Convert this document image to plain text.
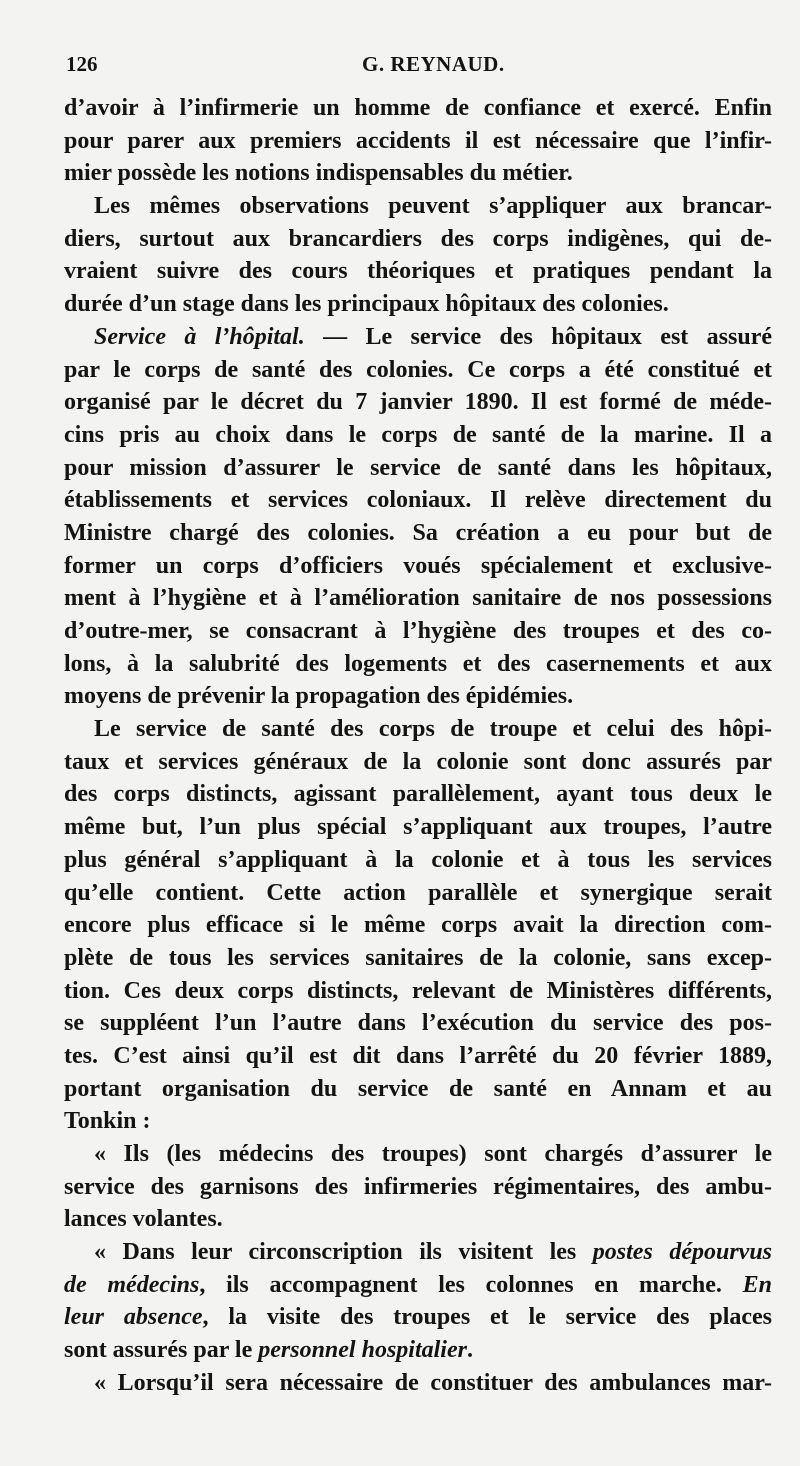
126	G. REYNAUD.
d’avoir à l’infirmerie un homme de confiance et exercé. Enfin
pour parer aux premiers accidents il est nécessaire que l’infir-
mier possède les notions indispensables du métier.
Les mêmes observations peuvent s’appliquer aux brancar-
diers, surtout aux brancardiers des corps indigènes, qui de-
vraient suivre des cours théoriques et pratiques pendant la
durée d’un stage dans les principaux hôpitaux des colonies.
Service à l’hôpital. — Le service des hôpitaux est assuré
par le corps de santé des colonies. Ce corps a été constitué et
organisé par le décret du 7 janvier 1890. Il est formé de méde-
cins pris au choix dans le corps de santé de la marine. Il a
pour mission d’assurer le service de santé dans les hôpitaux,
établissements et services coloniaux. Il relève directement du
Ministre chargé des colonies. Sa création a eu pour but de
former un corps d’officiers voués spécialement et exclusive-
ment à l’hygiène et à l’amélioration sanitaire de nos possessions
d’outre-mer, se consacrant à l’hygiène des troupes et des co-
lons, à la salubrité des logements et des casernements et aux
moyens de prévenir la propagation des épidémies.
Le service de santé des corps de troupe et celui des hôpi-
taux et services généraux de la colonie sont donc assurés par
des corps distincts, agissant parallèlement, ayant tous deux le
même but, l’un plus spécial s’appliquant aux troupes, l’autre
plus général s’appliquant à la colonie et à tous les services
qu’elle contient. Cette action parallèle et synergique serait
encore plus efficace si le même corps avait la direction com-
plète de tous les services sanitaires de la colonie, sans excep-
tion. Ces deux corps distincts, relevant de Ministères différents,
se suppléent l’un l’autre dans l’exécution du service des pos-
tes. C’est ainsi qu’il est dit dans l’arrêté du 20 février 1889,
portant organisation du service de santé en Annam et au
Tonkin :
« Ils (les médecins des troupes) sont chargés d’assurer le
service des garnisons des infirmeries régimentaires, des ambu-
lances volantes.
« Dans leur circonscription ils visitent les postes dépourvus
de médecins, ils accompagnent les colonnes en marche. En
leur absence, la visite des troupes et le service des places
sont assurés par le personnel hospitalier.
« Lorsqu’il sera nécessaire de constituer des ambulances mar-
